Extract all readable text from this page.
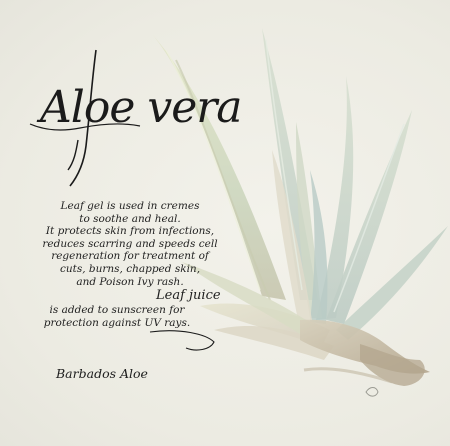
Aloe vera
Leaf gel is used in cremes
to soothe and heal.
It protects skin from infections,
reduces scarring and speeds cell
regeneration for treatment of
cuts, burns, chapped skin,
and Poison Ivy rash.
Leaf juice
is added to sunscreen for
protection against UV rays.
Barbados Aloe
